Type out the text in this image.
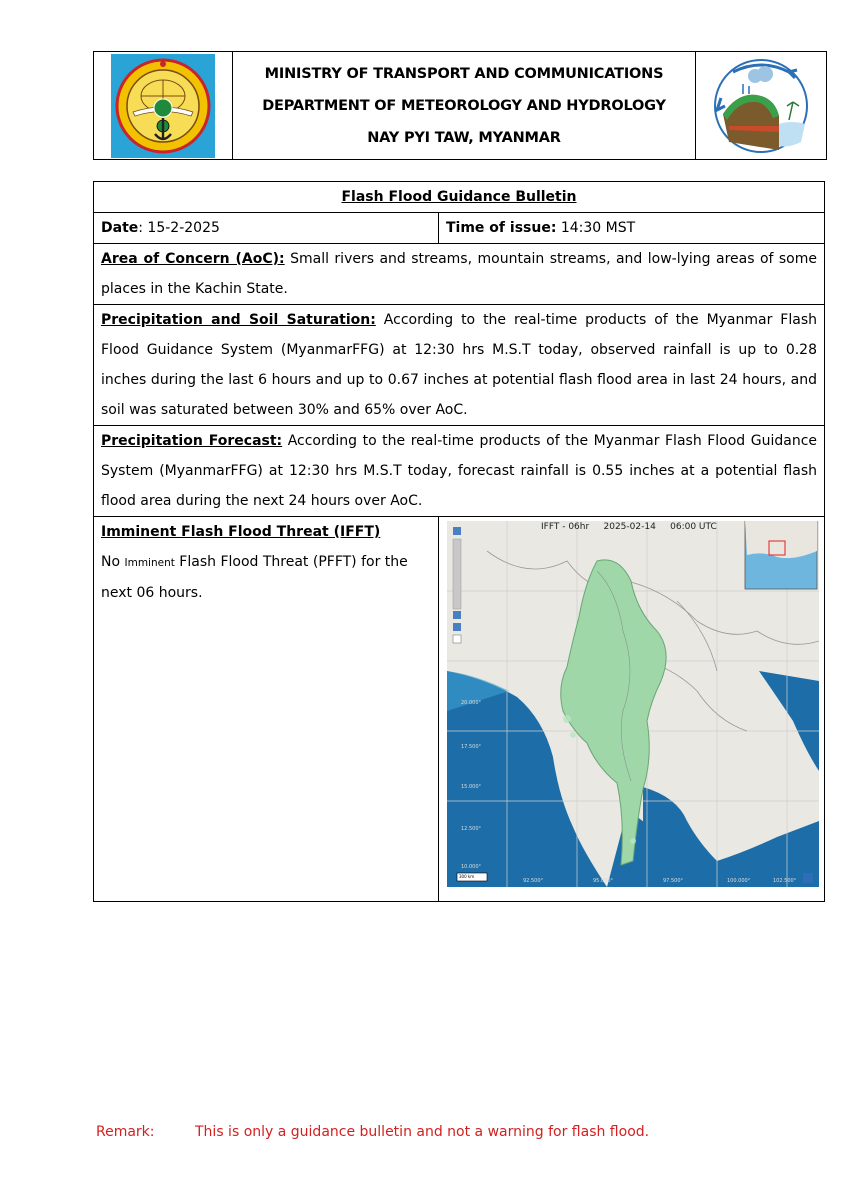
MINISTRY OF TRANSPORT AND COMMUNICATIONS
DEPARTMENT OF METEOROLOGY AND HYDROLOGY
NAY PYI TAW, MYANMAR
Flash Flood Guidance Bulletin
Date: 15-2-2025	Time of issue: 14:30 MST
Area of Concern (AoC): Small rivers and streams, mountain streams, and low-lying areas of some places in the Kachin State.
Precipitation and Soil Saturation: According to the real-time products of the Myanmar Flash Flood Guidance System (MyanmarFFG) at 12:30 hrs M.S.T today, observed rainfall is up to 0.28 inches during the last 6 hours and up to 0.67 inches at potential flash flood area in last 24 hours, and soil was saturated between 30% and 65% over AoC.
Precipitation Forecast: According to the real-time products of the Myanmar Flash Flood Guidance System (MyanmarFFG) at 12:30 hrs M.S.T today, forecast rainfall is 0.55 inches at a potential flash flood area during the next 24 hours over AoC.
Imminent Flash Flood Threat (IFFT)
No Imminent Flash Flood Threat (PFFT) for the next 06 hours.
IFFT - 06hr 2025-02-14 06:00 UTC
20.000°
17.500°
15.000°
12.500°
10.000°
92.500°	95.000°	97.500°	100.000°	102.500°
300 km
Remark:	This is only a guidance bulletin and not a warning for flash flood.
